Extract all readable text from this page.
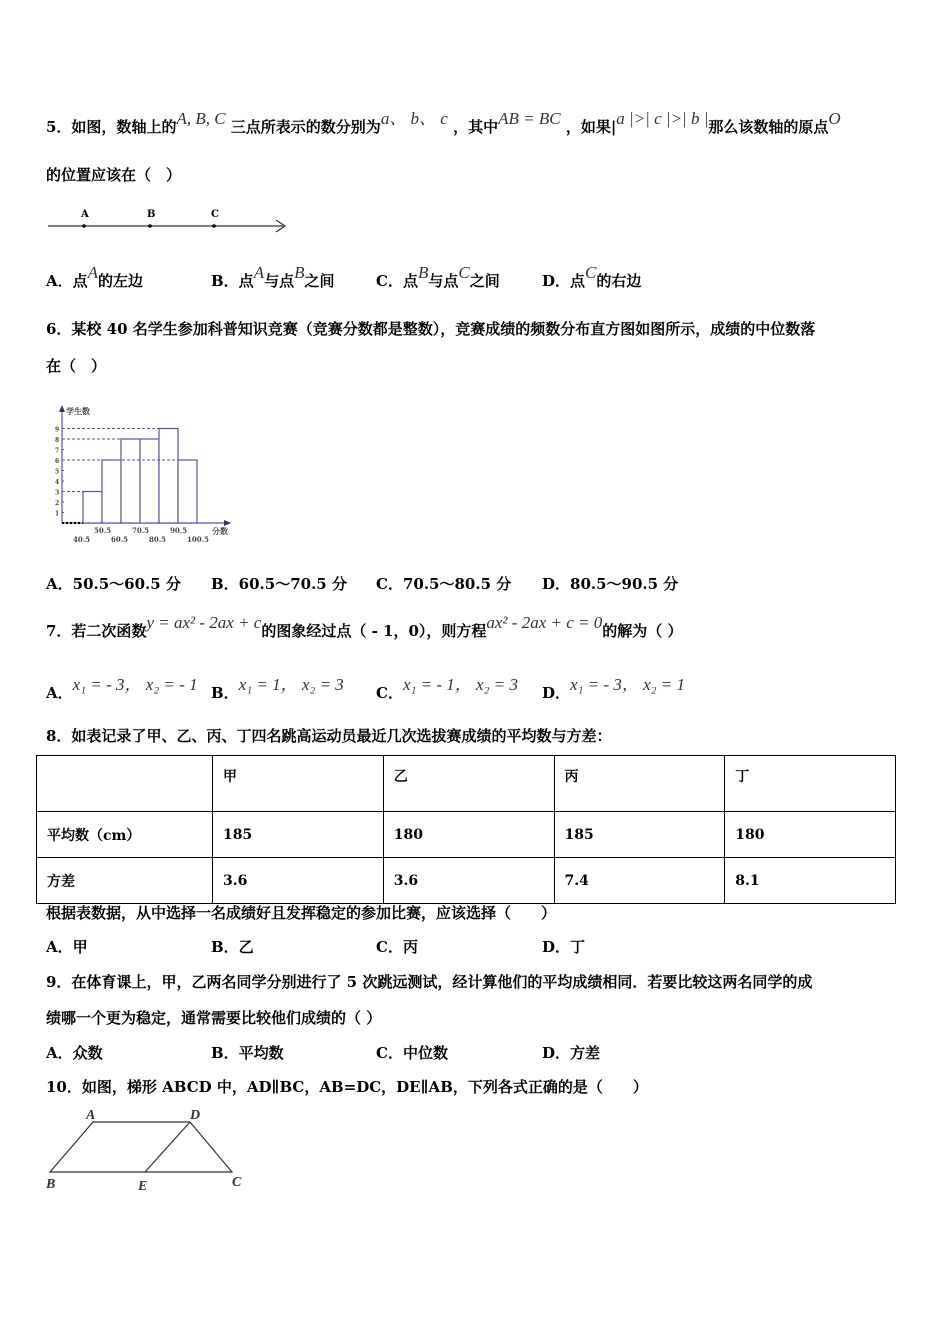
5．如图，数轴上的A, B, C 三点所表示的数分别为a、 b、 c ，其中AB = BC ，如果|a |>| c |>| b |那么该数轴的原点O
的位置应该在（　）
A	B	C
A．点A的左边	B．点A与点B之间	C．点B与点C之间	D．点C的右边
6．某校 40 名学生参加科普知识竞赛（竞赛分数都是整数），竞赛成绩的频数分布直方图如图所示，成绩的中位数落
在（　）
学生数
分数
1
2
3
4
5
6
7
8
9
50.5	70.5	90.5
40.5	60.5	80.5	100.5
A．50.5～60.5 分 B．60.5～70.5 分 C．70.5～80.5 分 D．80.5～90.5 分
7．若二次函数y = ax² - 2ax + c的图象经过点（ - 1，0），则方程ax² - 2ax + c = 0的解为（ ）
A．x₁ = - 3， x₂ = - 1 B．x₁ = 1， x₂ = 3 C．x₁ = - 1， x₂ = 3 D．x₁ = - 3， x₂ = 1
8．如表记录了甲、乙、丙、丁四名跳高运动员最近几次选拔赛成绩的平均数与方差：
	甲	乙	丙	丁
平均数（cm）	185	180	185	180
方差	3.6	3.6	7.4	8.1
根据表数据，从中选择一名成绩好且发挥稳定的参加比赛，应该选择（　　）
A．甲	B．乙	C．丙	D．丁
9．在体育课上，甲，乙两名同学分别进行了 5 次跳远测试，经计算他们的平均成绩相同．若要比较这两名同学的成
绩哪一个更为稳定，通常需要比较他们成绩的（ ）
A．众数	B．平均数	C．中位数	D．方差
10．如图，梯形 ABCD 中，AD∥BC，AB=DC，DE∥AB，下列各式正确的是（　　）
A	D
B	E	C
